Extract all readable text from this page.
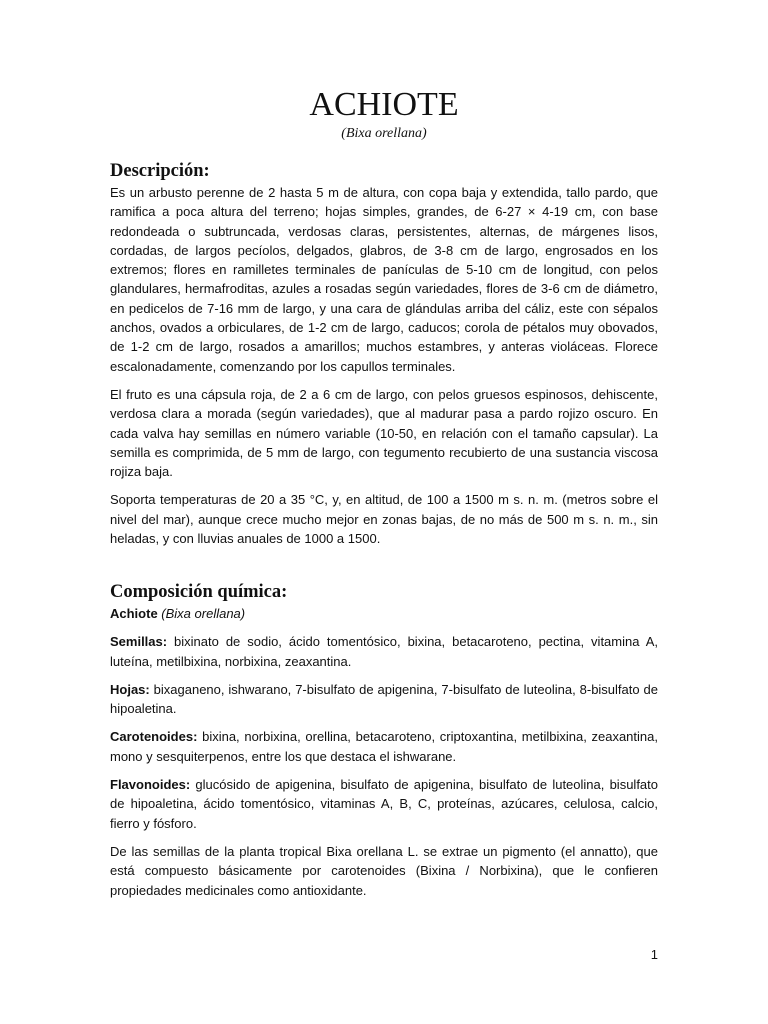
ACHIOTE
(Bixa orellana)
Descripción:

Es un arbusto perenne de 2 hasta 5 m de altura, con copa baja y extendida, tallo pardo, que ramifica a poca altura del terreno; hojas simples, grandes, de 6-27 × 4-19 cm, con base redondeada o subtruncada, verdosas claras, persistentes, alternas, de márgenes lisos, cordadas, de largos pecíolos, delgados, glabros, de 3-8 cm de largo, engrosados en los extremos; flores en ramilletes terminales de panículas de 5-10 cm de longitud, con pelos glandulares, hermafroditas, azules a rosadas según variedades, flores de 3-6 cm de diámetro, en pedicelos de 7-16 mm de largo, y una cara de glándulas arriba del cáliz, este con sépalos anchos, ovados a orbiculares, de 1-2 cm de largo, caducos; corola de pétalos muy obovados, de 1-2 cm de largo, rosados a amarillos; muchos estambres, y anteras violáceas. Florece escalonadamente, comenzando por los capullos terminales.

El fruto es una cápsula roja, de 2 a 6 cm de largo, con pelos gruesos espinosos, dehiscente, verdosa clara a morada (según variedades), que al madurar pasa a pardo rojizo oscuro. En cada valva hay semillas en número variable (10-50, en relación con el tamaño capsular). La semilla es comprimida, de 5 mm de largo, con tegumento recubierto de una sustancia viscosa rojiza baja.

Soporta temperaturas de 20 a 35 °C, y, en altitud, de 100 a 1500 m s. n. m. (metros sobre el nivel del mar), aunque crece mucho mejor en zonas bajas, de no más de 500 m s. n. m., sin heladas, y con lluvias anuales de 1000 a 1500.

Composición química:

Achiote (Bixa orellana)

Semillas: bixinato de sodio, ácido tomentósico, bixina, betacaroteno, pectina, vitamina A, luteína, metilbixina, norbixina, zeaxantina.

Hojas: bixaganeno, ishwarano, 7-bisulfato de apigenina, 7-bisulfato de luteolina, 8-bisulfato de hipoaletina.

Carotenoides: bixina, norbixina, orellina, betacaroteno, criptoxantina, metilbixina, zeaxantina, mono y sesquiterpenos, entre los que destaca el ishwarane.

Flavonoides: glucósido de apigenina, bisulfato de apigenina, bisulfato de luteolina, bisulfato de hipoaletina, ácido tomentósico, vitaminas A, B, C, proteínas, azúcares, celulosa, calcio, fierro y fósforo.

De las semillas de la planta tropical Bixa orellana L. se extrae un pigmento (el annatto), que está compuesto básicamente por carotenoides (Bixina / Norbixina), que le confieren propiedades medicinales como antioxidante.

1
